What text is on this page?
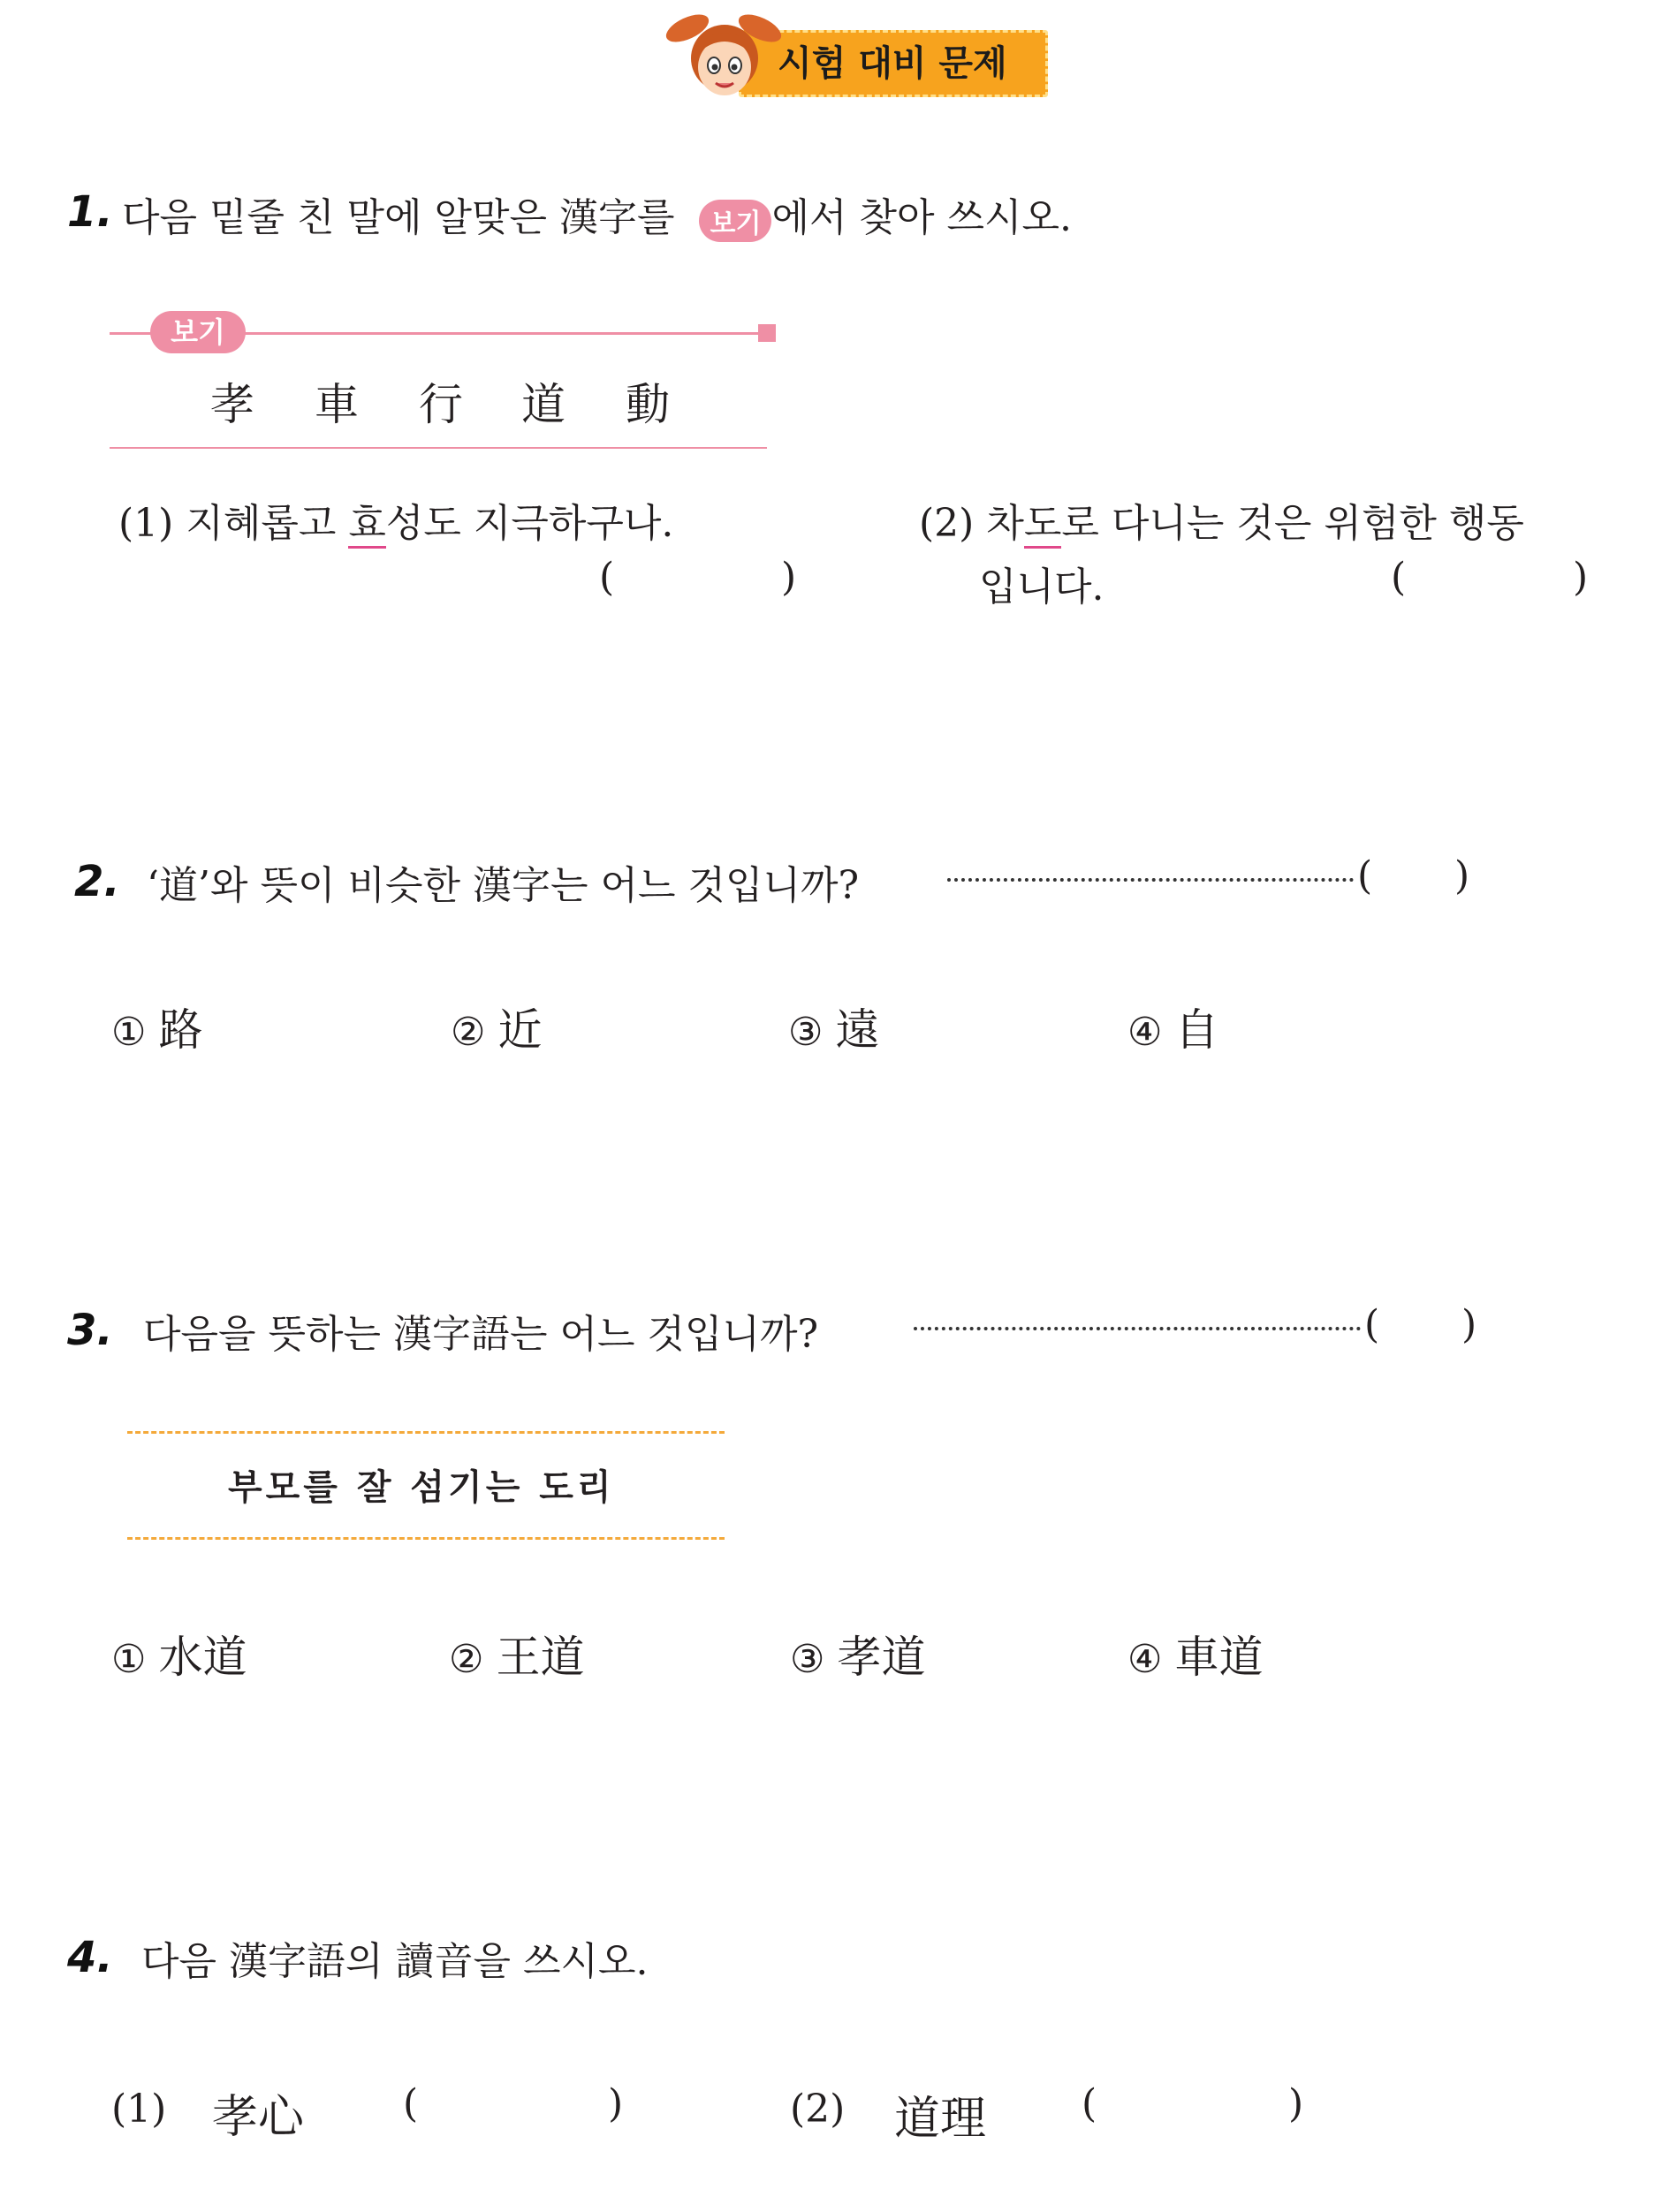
시험 대비 문제
1. 다음 밑줄 친 말에 알맞은 漢字를 보기 에서 찾아 쓰시오.
보기
孝 車 行 道 動
(1) 지혜롭고 효성도 지극하구나.
(	)
(2) 차도로 다니는 것은 위험한 행동
입니다.	(	)
2. ‘道’와 뜻이 비슷한 漢字는 어느 것입니까?	( )
① 路	② 近	③ 遠	④ 自
3. 다음을 뜻하는 漢字語는 어느 것입니까?	( )
부모를 잘 섬기는 도리
① 水道	② 王道	③ 孝道	④ 車道
4. 다음 漢字語의 讀音을 쓰시오.
(1) 孝心	(	)	(2) 道理 (	)
